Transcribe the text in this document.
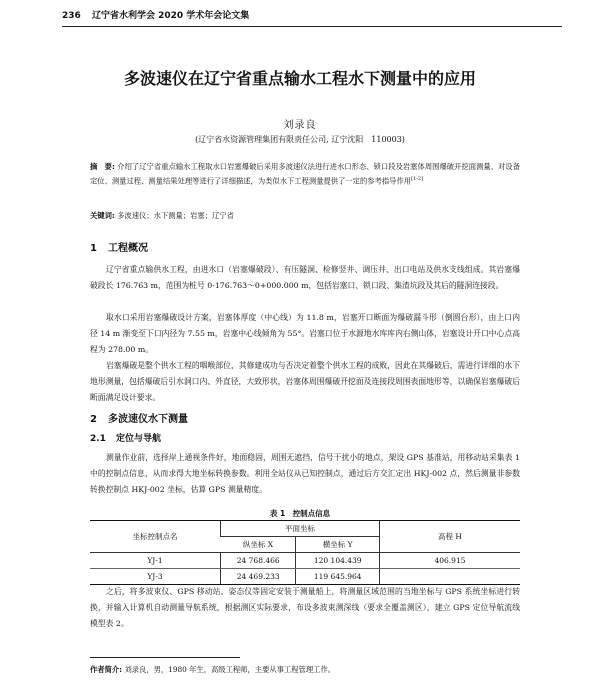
236 辽宁省水利学会 2020 学术年会论文集
多波速仪在辽宁省重点输水工程水下测量中的应用
刘录良
(辽宁省水资源管理集团有限责任公司, 辽宁沈阳　110003)
摘　要: 介绍了辽宁省重点输水工程取水口岩塞爆破后采用多波速仪法进行进水口形态、锁口段及岩塞体周围爆破开挖面测量、对设备定位、测量过程、测量结果处理等进行了详细描述，为类似水下工程测量提供了一定的参考指导作用[1-2]
关键词: 多波速仪；水下测量；岩塞；辽宁省
1 工程概况
辽宁省重点输供水工程，由进水口（岩塞爆破段）、有压隧洞、检修竖井、调压井、出口电站及供水支线组成。其岩塞爆破段长 176.763 m，范围为桩号 0-176.763～0+000.000 m，包括岩塞口、锁口段、集渣坑段及其后的隧洞连接段。
取水口采用岩塞爆破设计方案，岩塞体厚度（中心线）为 11.8 m，岩塞开口断面为爆破漏斗形（倒圆台形），由上口内径 14 m 渐变至下口内径为 7.55 m，岩塞中心线倾角为 55°。岩塞口位于水源地水库库内右侧山体，岩塞设计开口中心点高程为 278.00 m。
岩塞爆破是整个供水工程的咽喉部位，其修建成功与否决定着整个供水工程的成败，因此在其爆破后，需进行详细的水下地形测量，包括爆破后引水洞口内、外直径，大致形状，岩塞体周围爆破开挖面及连接段周围表面地形等，以确保岩塞爆破后断面满足设计要求。
2 多波速仪水下测量
2.1 定位与导航
测量作业前，选择岸上通视条件好，地面稳固，周围无遮挡，信号干扰小的地点，架设 GPS 基准站，用移动站采集表 1 中的控制点信息，从而求得大地坐标转换参数。利用全站仪从已知控制点，通过后方交汇定出 HKJ-002 点，然后测量非参数转换控制点 HKJ-002 坐标，估算 GPS 测量精度。
表 1　控制点信息
坐标控制点名	平面坐标		高程 H
	纵坐标 X	横坐标 Y	
YJ-1	24 768.466	120 104.439	406.915
YJ-3	24 469.233	119 645.964	
之后，将多波束仪、GPS 移动站、姿态仪等固定安装于测量船上，将测量区域范围的当地坐标与 GPS 系统坐标进行转换，并输入计算机自动测量导航系统，根据测区实际要求，布设多波束测深线（要求全覆盖测区），建立 GPS 定位导航流线模型表 2。
作者简介: 刘录良，男，1980 年生，高级工程师，主要从事工程管理工作。
